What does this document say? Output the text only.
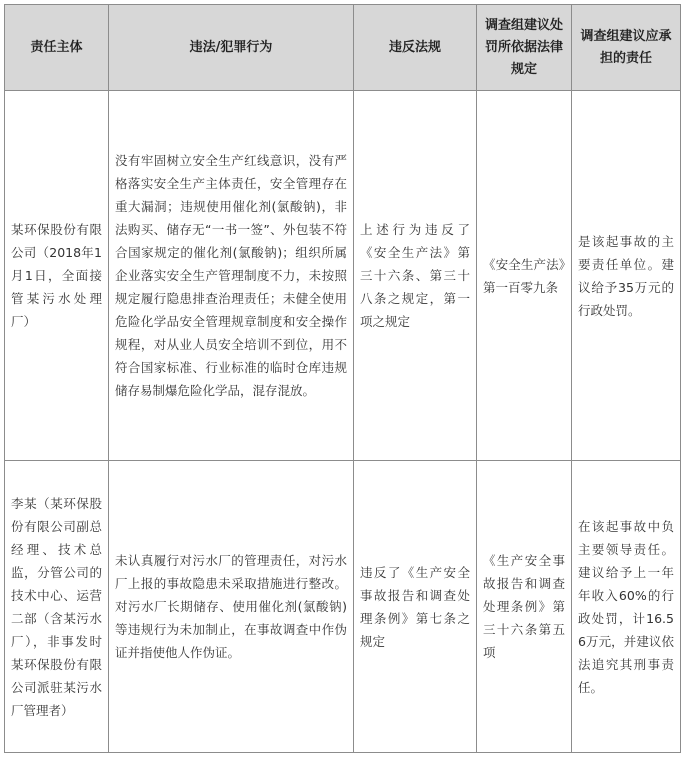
责任主体	违法/犯罪行为	违反法规	调查组建议处罚所依据法律规定	调查组建议应承担的责任

某环保股份有限公司（2018年1月1日，全面接管某污水处理厂）	没有牢固树立安全生产红线意识，没有严格落实安全生产主体责任，安全管理存在重大漏洞；违规使用催化剂(氯酸钠)，非法购买、储存无“一书一签”、外包装不符合国家规定的催化剂(氯酸钠)；组织所属企业落实安全生产管理制度不力，未按照规定履行隐患排查治理责任；未健全使用危险化学品安全管理规章制度和安全操作规程，对从业人员安全培训不到位，用不符合国家标准、行业标准的临时仓库违规储存易制爆危险化学品，混存混放。	上述行为违反了《安全生产法》第三十六条、第三十八条之规定，第一项之规定	《安全生产法》第一百零九条	是该起事故的主要责任单位。建议给予35万元的行政处罚。

李某（某环保股份有限公司副总经理、技术总监，分管公司的技术中心、运营二部（含某污水厂），非事发时某环保股份有限公司派驻某污水厂管理者）	未认真履行对污水厂的管理责任，对污水厂上报的事故隐患未采取措施进行整改。对污水厂长期储存、使用催化剂(氯酸钠)等违规行为未加制止，在事故调查中作伪证并指使他人作伪证。	违反了《生产安全事故报告和调查处理条例》第七条之规定	《生产安全事故报告和调查处理条例》第三十六条第五项	在该起事故中负主要领导责任。建议给予上一年年收入60%的行政处罚，计16.56万元，并建议依法追究其刑事责任。
